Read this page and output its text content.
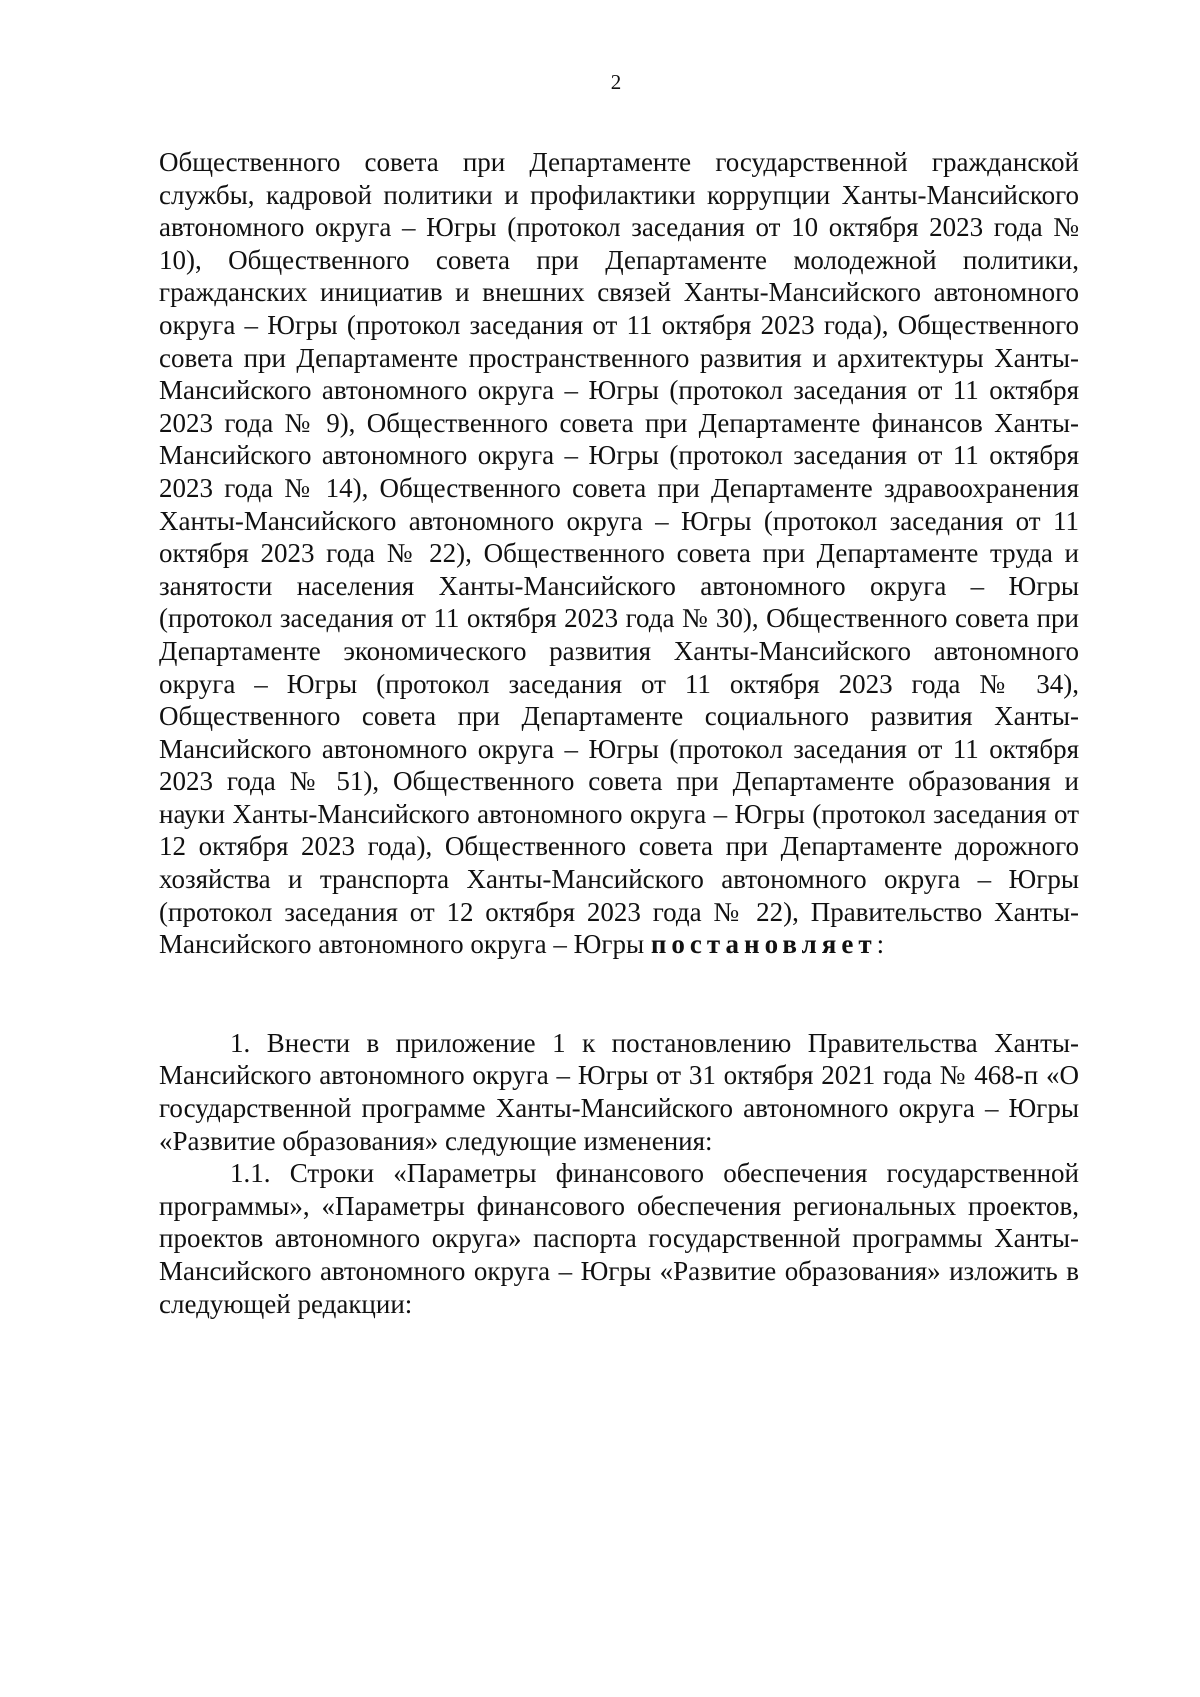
2

Общественного совета при Департаменте государственной гражданской службы, кадровой политики и профилактики коррупции Ханты-Мансийского автономного округа – Югры (протокол заседания от 10 октября 2023 года № 10), Общественного совета при Департаменте молодежной политики, гражданских инициатив и внешних связей Ханты-Мансийского автономного округа – Югры (протокол заседания от 11 октября 2023 года), Общественного совета при Департаменте пространственного развития и архитектуры Ханты-Мансийского автономного округа – Югры (протокол заседания от 11 октября 2023 года № 9), Общественного совета при Департаменте финансов Ханты-Мансийского автономного округа – Югры (протокол заседания от 11 октября 2023 года № 14), Общественного совета при Департаменте здравоохранения Ханты-Мансийского автономного округа – Югры (протокол заседания от 11 октября 2023 года № 22), Общественного совета при Департаменте труда и занятости населения Ханты-Мансийского автономного округа – Югры (протокол заседания от 11 октября 2023 года № 30), Общественного совета при Департаменте экономического развития Ханты-Мансийского автономного округа – Югры (протокол заседания от 11 октября 2023 года № 34), Общественного совета при Департаменте социального развития Ханты-Мансийского автономного округа – Югры (протокол заседания от 11 октября 2023 года № 51), Общественного совета при Департаменте образования и науки Ханты-Мансийского автономного округа – Югры (протокол заседания от 12 октября 2023 года), Общественного совета при Департаменте дорожного хозяйства и транспорта Ханты-Мансийского автономного округа – Югры (протокол заседания от 12 октября 2023 года № 22), Правительство Ханты-Мансийского автономного округа – Югры постановляет:

1. Внести в приложение 1 к постановлению Правительства Ханты-Мансийского автономного округа – Югры от 31 октября 2021 года № 468-п «О государственной программе Ханты-Мансийского автономного округа – Югры «Развитие образования» следующие изменения:

1.1. Строки «Параметры финансового обеспечения государственной программы», «Параметры финансового обеспечения региональных проектов, проектов автономного округа» паспорта государственной программы Ханты-Мансийского автономного округа – Югры «Развитие образования» изложить в следующей редакции:
